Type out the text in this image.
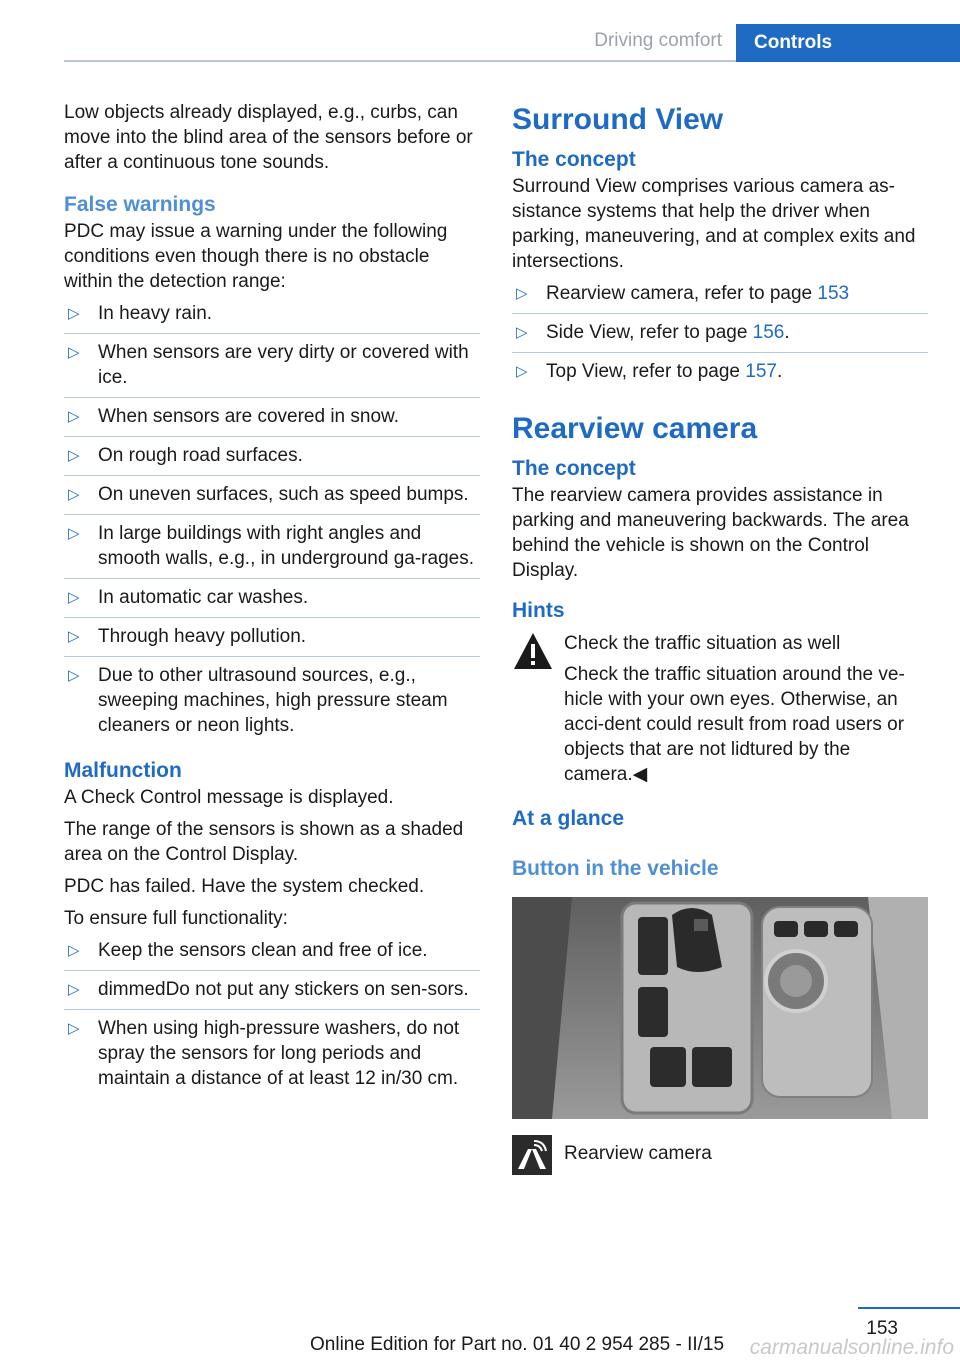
Driving comfort	Controls

Low objects already displayed, e.g., curbs, can move into the blind area of the sensors before or after a continuous tone sounds.

False warnings

PDC may issue a warning under the following conditions even though there is no obstacle within the detection range:

▷ In heavy rain.
▷ When sensors are very dirty or covered with ice.
▷ When sensors are covered in snow.
▷ On rough road surfaces.
▷ On uneven surfaces, such as speed bumps.
▷ In large buildings with right angles and smooth walls, e.g., in underground ga‐rages.
▷ In automatic car washes.
▷ Through heavy pollution.
▷ Due to other ultrasound sources, e.g., sweeping machines, high pressure steam cleaners or neon lights.
Malfunction

A Check Control message is displayed.

The range of the sensors is shown as a shaded area on the Control Display.

PDC has failed. Have the system checked.

To ensure full functionality:

▷ Keep the sensors clean and free of ice.
▷ dimmedDo not put any stickers on sen‐sors.
▷ When using high-pressure washers, do not spray the sensors for long periods and maintain a distance of at least 12 in/30 cm.
Surround View
The concept

Surround View comprises various camera as‐sistance systems that help the driver when parking, maneuvering, and at complex exits and intersections.

▷ Rearview camera, refer to page 153
▷ Side View, refer to page 156.
▷ Top View, refer to page 157.
Rearview camera
The concept

The rearview camera provides assistance in parking and maneuvering backwards. The area behind the vehicle is shown on the Control Display.

Hints

Check the traffic situation as well

Check the traffic situation around the ve‐hicle with your own eyes. Otherwise, an acci‐dent could result from road users or objects that are not lidtured by the camera.◀

At a glance
Button in the vehicle

Rearview camera

153
Online Edition for Part no. 01 40 2 954 285 - II/15 carmanualsonline.info
